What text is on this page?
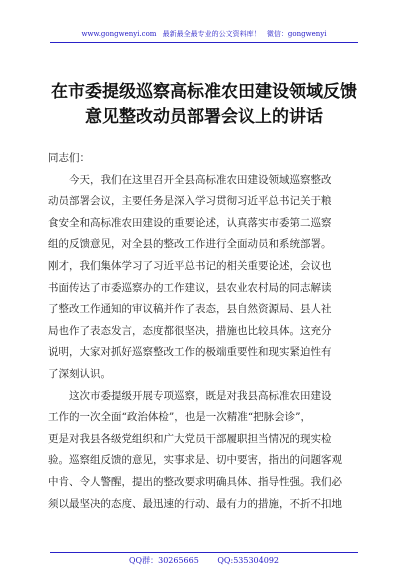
www.gongwenyi.com 最新最全最专业的公文资料库！ 微信：gongwenyi
在市委提级巡察高标准农田建设领域反馈
意见整改动员部署会议上的讲话
同志们：
今天，我们在这里召开全县高标准农田建设领域巡察整改
动员部署会议，主要任务是深入学习贯彻习近平总书记关于粮
食安全和高标准农田建设的重要论述，认真落实市委第二巡察
组的反馈意见，对全县的整改工作进行全面动员和系统部署。
刚才，我们集体学习了习近平总书记的相关重要论述，会议也
书面传达了市委巡察办的工作建议，县农业农村局的同志解读
了整改工作通知的审议稿并作了表态，县自然资源局、县人社
局也作了表态发言，态度都很坚决，措施也比较具体。这充分
说明，大家对抓好巡察整改工作的极端重要性和现实紧迫性有
了深刻认识。
这次市委提级开展专项巡察，既是对我县高标准农田建设
工作的一次全面“政治体检”，也是一次精准“把脉会诊”，
更是对我县各级党组织和广大党员干部履职担当情况的现实检
验。巡察组反馈的意见，实事求是、切中要害，指出的问题客观
中肯、令人警醒，提出的整改要求明确具体、指导性强。我们必
须以最坚决的态度、最迅速的行动、最有力的措施，不折不扣地
QQ群：30265665 QQ:535304092
